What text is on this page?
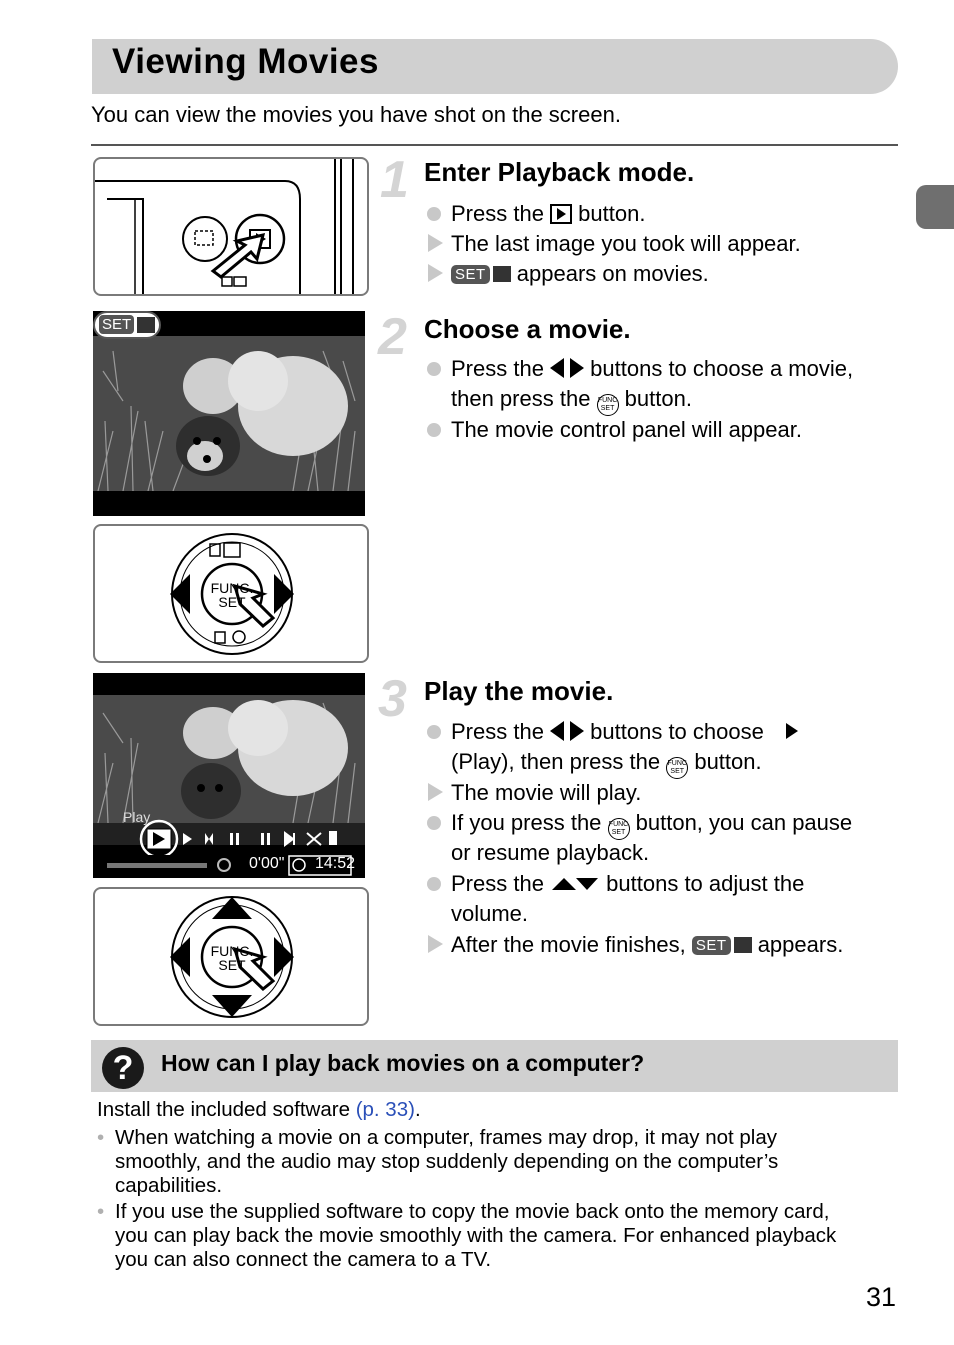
Viewing Movies
You can view the movies you have shot on the screen.
SET
FUNC.
SET
Play
0'00" 14:52
FUNC.
SET
1 Enter Playback mode.
Press the  button.
The last image you took will appear.
SET appears on movies.
2 Choose a movie.
Press the  buttons to choose a movie,
then press the FUNC
SET button.
The movie control panel will appear.
3 Play the movie.
Press the  buttons to choose
(Play), then press the FUNC
SET button.
The movie will play.
If you press the FUNC
SET button, you can pause
or resume playback.
Press the  buttons to adjust the
volume.
After the movie finishes, SET appears.
?	How can I play back movies on a computer?
Install the included software (p. 33).
• When watching a movie on a computer, frames may drop, it may not play
smoothly, and the audio may stop suddenly depending on the computer’s
capabilities.
• If you use the supplied software to copy the movie back onto the memory card,
you can play back the movie smoothly with the camera. For enhanced playback
you can also connect the camera to a TV.
31
